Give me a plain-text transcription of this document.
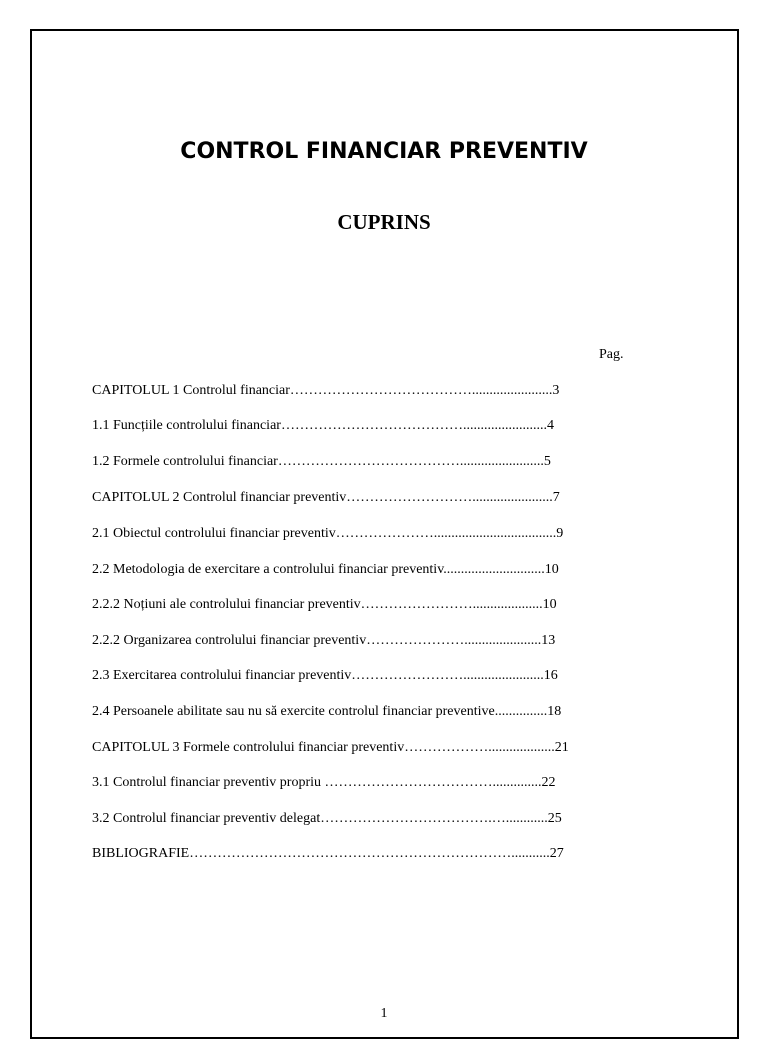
CONTROL FINANCIAR PREVENTIV
CUPRINS
Pag.
CAPITOLUL 1 Controlul financiar………………………………….......................3
1.1 Funcțiile controlului financiar…………………………………........................4
1.2 Formele controlului financiar…………………………………........................5
CAPITOLUL 2 Controlul financiar preventiv……………………….......................7
2.1 Obiectul controlului financiar preventiv…………………...................................9
2.2 Metodologia de exercitare a controlului financiar preventiv.............................10
2.2.2 Noțiuni ale controlului financiar preventiv……………………....................10
2.2.2 Organizarea controlului financiar preventiv…………………......................13
2.3 Exercitarea controlului financiar preventiv…………………….......................16
2.4 Persoanele abilitate sau nu să exercite controlul financiar preventive...............18
CAPITOLUL 3 Formele controlului financiar preventiv………………...................21
3.1 Controlul financiar preventiv propriu ………………………………..............22
3.2 Controlul financiar preventiv delegat……………………………….…............25
BIBLIOGRAFIE……………………………………………………………...........27
1
